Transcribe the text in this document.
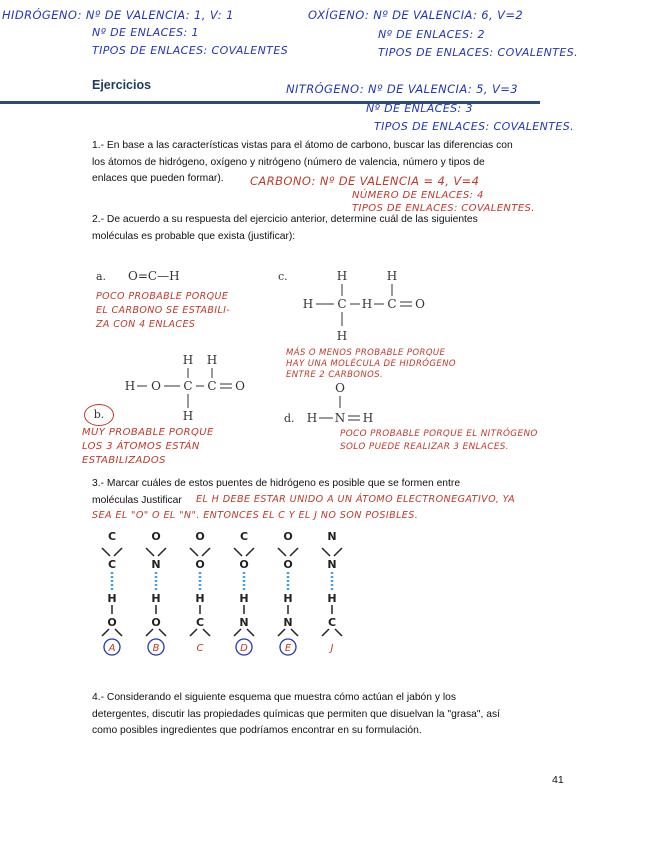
HIDRÓGENO: Nº DE VALENCIA: 1, V: 1
Nº DE ENLACES: 1
TIPOS DE ENLACES: COVALENTES
OXÍGENO: Nº DE VALENCIA: 6, V=2
Nº DE ENLACES: 2
TIPOS DE ENLACES: COVALENTES.
Ejercicios	NITRÓGENO: Nº DE VALENCIA: 5, V=3
Nº DE ENLACES: 3
TIPOS DE ENLACES: COVALENTES.
1.- En base a las características vistas para el átomo de carbono, buscar las diferencias con
los átomos de hidrógeno, oxígeno y nitrógeno (número de valencia, número y tipos de
enlaces que pueden formar).	CARBONO: Nº DE VALENCIA = 4, V=4
NÚMERO DE ENLACES: 4
TIPOS DE ENLACES: COVALENTES.
2.- De acuerdo a su respuesta del ejercicio anterior, determine cuál de las siguientes
moléculas es probable que exista (justificar):
a. O=C—H
POCO PROBABLE PORQUE
EL CARBONO SE ESTABILI-
ZA CON 4 ENLACES
c.	H	H
H C H C O
H
H H
H O C C O
H
MÁS O MENOS PROBABLE PORQUE
HAY UNA MOLÉCULA DE HIDRÓGENO
ENTRE 2 CARBONOS.
O
H N H
d.
POCO PROBABLE PORQUE EL NITRÓGENO
SOLO PUEDE REALIZAR 3 ENLACES.
b.
MUY PROBABLE PORQUE
LOS 3 ÁTOMOS ESTÁN
ESTABILIZADOS
3.- Marcar cuáles de estos puentes de hidrógeno es posible que se formen entre
moléculas Justificar	EL H DEBE ESTAR UNIDO A UN ÁTOMO ELECTRONEGATIVO, YA
SEA EL "O" O EL "N". ENTONCES EL C Y EL J NO SON POSIBLES.
C
C
H
O
A
O
N
H
O
B
O
O
H
C
C
C
O
H
N
D
O
O
H
N
E
N
N
H
C
J
4.- Considerando el siguiente esquema que muestra cómo actúan el jabón y los
detergentes, discutir las propiedades químicas que permiten que disuelvan la "grasa", así
como posibles ingredientes que podríamos encontrar en su formulación.
41
